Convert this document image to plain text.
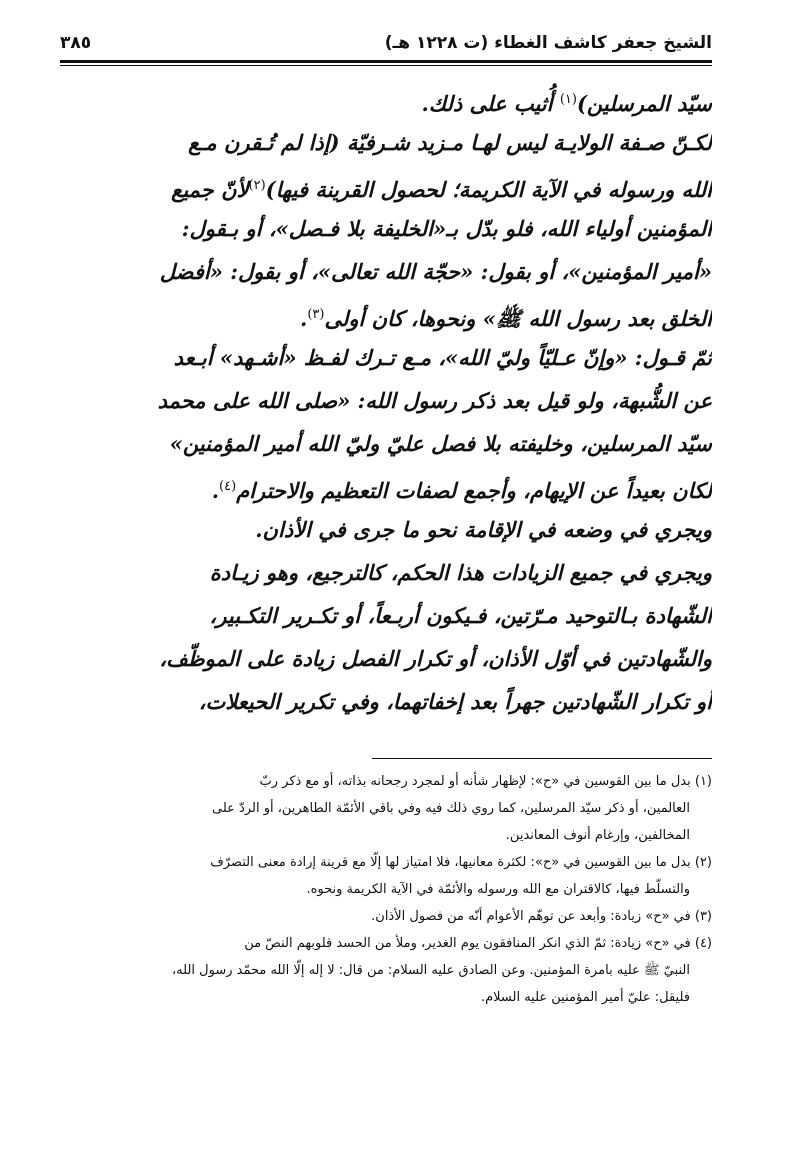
الشيخ جعفر كاشف الغطاء (ت ١٢٢٨ هـ)
٣٨٥
سيّد المرسلين)$^{(١)}$ أُثيب على ذلك.
لكـنّ صـفة الولايـة ليس لهـا مـزيد شـرفيّة (إذا لم تُـقرن مـع
الله ورسوله في الآية الكريمة؛ لحصول القرينة فيها)$^{(٢)}$لأنّ جميع
المؤمنين أولياء الله، فلو بدّل بـ«الخليفة بلا فـصل»، أو بـقول:
«أمير المؤمنين»، أو بقول: «حجّة الله تعالى»، أو بقول: «أفضل
الخلق بعد رسول الله ﷺ» ونحوها، كان أولى$^{(٣)}$.
ثمّ قـول: «وإنّ عـليّاً وليّ الله»، مـع تـرك لفـظ «أشـهد» أبـعد
عن الشُّبهة، ولو قيل بعد ذكر رسول الله: «صلى الله على محمد
سيّد المرسلين، وخليفته بلا فصل عليّ وليّ الله أمير المؤمنين»
لكان بعيداً عن الإيهام، وأجمع لصفات التعظيم والاحترام$^{(٤)}$.
ويجري في وضعه في الإقامة نحو ما جرى في الأذان.
ويجري في جميع الزيادات هذا الحكم، كالترجيع، وهو زيـادة
الشّهادة بـالتوحيد مـرّتين، فـيكون أربـعاً، أو تكـرير التكـبير،
والشّهادتين في أوّل الأذان، أو تكرار الفصل زيادة على الموظّف،
أو تكرار الشّهادتين جهراً بعد إخفاتهما، وفي تكرير الحيعلات،
(١) بدل ما بين القوسين في «ح»: لإظهار شأنه أو لمجرد رجحانه بذاته، أو مع ذكر ربّ
العالمين، أو ذكر سيّد المرسلين، كما روي ذلك فيه وفي باقي الأئمّة الطاهرين، أو الردّ على
المخالفين، وإرغام أنوف المعاندين.
(٢) بدل ما بين القوسين في «ح»: لكثرة معانيها، فلا امتياز لها إلّا مع قرينة إرادة معنى التصرّف
والتسلّط فيها، كالاقتران مع الله ورسوله والأئمّة في الآية الكريمة ونحوه.
(٣) في «ح» زيادة: وأبعد عن توهّم الأعوام أنّه من فصول الأذان.
(٤) في «ح» زيادة: ثمّ الذي انكر المنافقون يوم الغدير، وملأ من الحسد قلوبهم النصّ من
النبيّ ﷺ عليه بامرة المؤمنين. وعن الصادق عليه السلام: من قال: لا إله إلّا الله محمّد رسول الله،
فليقل: عليّ أمير المؤمنين عليه السلام.
